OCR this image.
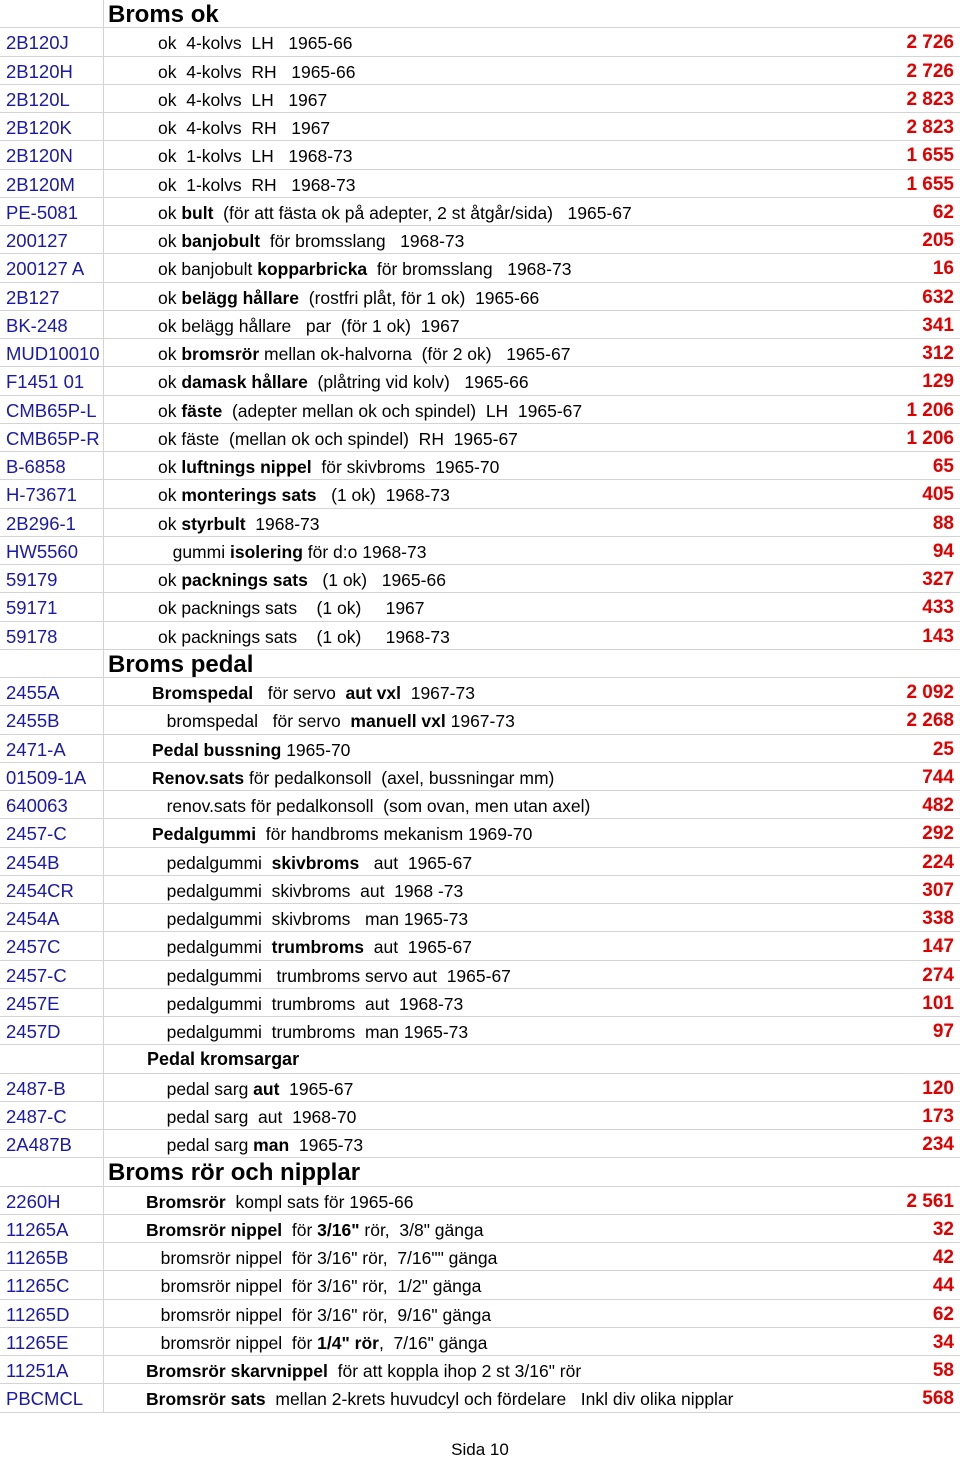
Broms ok
2B120J	ok  4-kolvs  LH   1965-66	2 726
2B120H	ok  4-kolvs  RH   1965-66	2 726
2B120L	ok  4-kolvs  LH   1967	2 823
2B120K	ok  4-kolvs  RH   1967	2 823
2B120N	ok  1-kolvs  LH   1968-73	1 655
2B120M	ok  1-kolvs  RH   1968-73	1 655
PE-5081	ok bult  (för att fästa ok på adepter, 2 st åtgår/sida)   1965-67	62
200127	ok banjobult  för bromsslang   1968-73	205
200127 A	ok banjobult kopparbricka  för bromsslang   1968-73	16
2B127	ok belägg hållare  (rostfri plåt, för 1 ok)  1965-66	632
BK-248	ok belägg hållare   par  (för 1 ok)  1967	341
MUD10010	ok bromsrör mellan ok-halvorna  (för 2 ok)   1965-67	312
F1451 01	ok damask hållare  (plåtring vid kolv)   1965-66	129
CMB65P-L	ok fäste  (adepter mellan ok och spindel)  LH  1965-67	1 206
CMB65P-R	ok fäste  (mellan ok och spindel)  RH  1965-67	1 206
B-6858	ok luftnings nippel  för skivbroms  1965-70	65
H-73671	ok monterings sats   (1 ok)  1968-73	405
2B296-1	ok styrbult  1968-73	88
HW5560	gummi isolering för d:o 1968-73	94
59179	ok packnings sats   (1 ok)   1965-66	327
59171	ok packnings sats    (1 ok)     1967	433
59178	ok packnings sats    (1 ok)     1968-73	143
Broms pedal
2455A	Bromspedal   för servo  aut vxl  1967-73	2 092
2455B	bromspedal   för servo  manuell vxl 1967-73	2 268
2471-A	Pedal bussning 1965-70	25
01509-1A	Renov.sats för pedalkonsoll  (axel, bussningar mm)	744
640063	renov.sats för pedalkonsoll  (som ovan, men utan axel)	482
2457-C	Pedalgummi  för handbroms mekanism 1969-70	292
2454B	pedalgummi  skivbroms   aut  1965-67	224
2454CR	pedalgummi  skivbroms  aut  1968 -73	307
2454A	pedalgummi  skivbroms   man 1965-73	338
2457C	pedalgummi  trumbroms  aut  1965-67	147
2457-C	pedalgummi   trumbroms servo aut  1965-67	274
2457E	pedalgummi  trumbroms  aut  1968-73	101
2457D	pedalgummi  trumbroms  man 1965-73	97
Pedal kromsargar
2487-B	pedal sarg aut  1965-67	120
2487-C	pedal sarg  aut  1968-70	173
2A487B	pedal sarg man  1965-73	234
Broms rör och nipplar
2260H	Bromsrör  kompl sats för 1965-66	2 561
11265A	Bromsrör nippel  för 3/16" rör,  3/8" gänga	32
11265B	bromsrör nippel  för 3/16" rör,  7/16"" gänga	42
11265C	bromsrör nippel  för 3/16" rör,  1/2" gänga	44
11265D	bromsrör nippel  för 3/16" rör,  9/16" gänga	62
11265E	bromsrör nippel  för 1/4" rör,  7/16" gänga	34
11251A	Bromsrör skarvnippel  för att koppla ihop 2 st 3/16" rör	58
PBCMCL	Bromsrör sats  mellan 2-krets huvudcyl och fördelare   Inkl div olika nipplar	568
Sida 10
